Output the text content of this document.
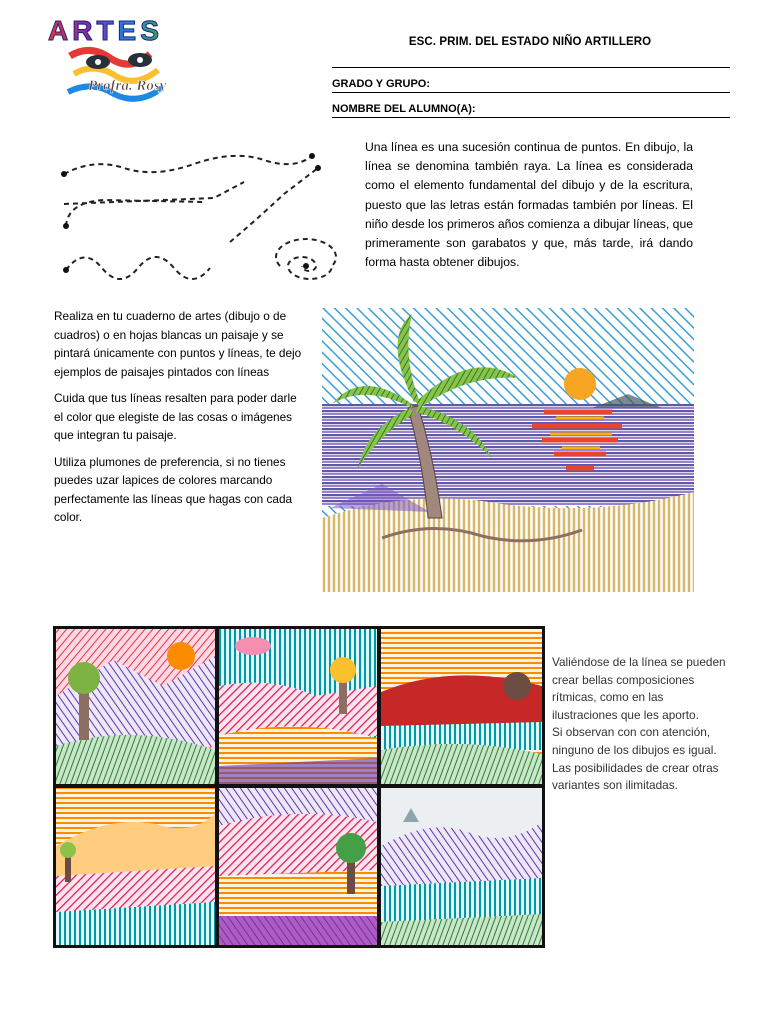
ARTES
Profra. Rosy
ESC. PRIM. DEL ESTADO NIÑO ARTILLERO
GRADO Y GRUPO:
NOMBRE DEL ALUMNO(A):
Una línea es una sucesión continua de puntos. En dibujo, la línea se denomina también raya. La línea es considerada como el elemento fundamental del dibujo y de la escritura, puesto que las letras están formadas también por líneas. El niño desde los primeros años comienza a dibujar líneas, que primeramente son garabatos y que, más tarde, irá dando forma hasta obtener dibujos.

Realiza en tu cuaderno de artes (dibujo o de cuadros) o en hojas blancas un paisaje y se pintará únicamente con puntos y líneas, te dejo ejemplos de paisajes pintados con líneas

Cuida que tus líneas resalten para poder darle el color que elegiste de las cosas o imágenes que integran tu paisaje.

Utiliza plumones de preferencia, si no tienes puedes uzar lapices de colores marcando perfectamente las líneas que hagas con cada color.

Valiéndose de la línea se pueden crear bellas composiciones rítmicas, como en las ilustraciones que les aporto.

Si observan con con atención, ninguno de los dibujos es igual. Las posibilidades de crear otras variantes son ilimitadas.
